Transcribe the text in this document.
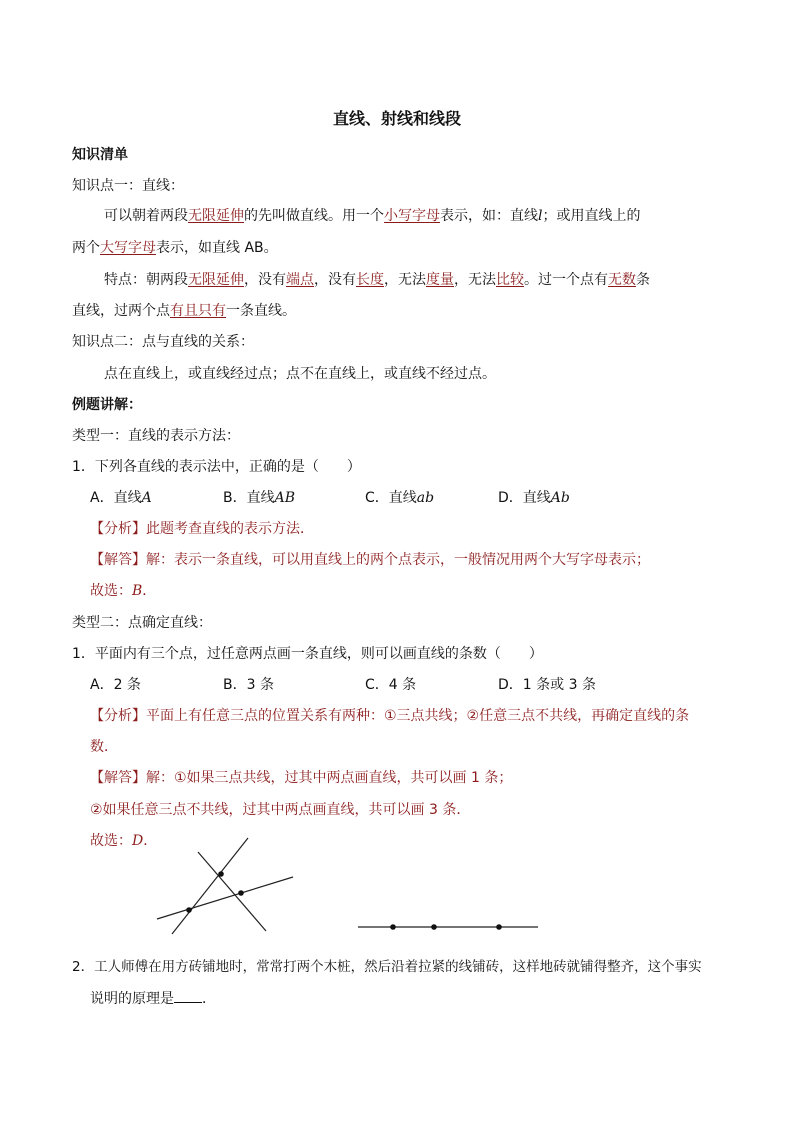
直线、射线和线段
知识清单
知识点一：直线：
可以朝着两段无限延伸的先叫做直线。用一个小写字母表示，如：直线l；或用直线上的
两个大写字母表示，如直线 AB。
特点：朝两段无限延伸，没有端点，没有长度，无法度量，无法比较。过一个点有无数条
直线，过两个点有且只有一条直线。
知识点二：点与直线的关系：
点在直线上，或直线经过点；点不在直线上，或直线不经过点。
例题讲解：
类型一：直线的表示方法：
1．下列各直线的表示法中，正确的是（　　）
A．直线A	B．直线AB	C．直线ab	D．直线Ab
【分析】此题考查直线的表示方法．
【解答】解：表示一条直线，可以用直线上的两个点表示，一般情况用两个大写字母表示；
故选：B．
类型二：点确定直线：
1．平面内有三个点，过任意两点画一条直线，则可以画直线的条数（　　）
A．2 条	B．3 条	C．4 条	D．1 条或 3 条
【分析】平面上有任意三点的位置关系有两种：①三点共线；②任意三点不共线，再确定直线的条
数．
【解答】解：①如果三点共线，过其中两点画直线，共可以画 1 条；
②如果任意三点不共线，过其中两点画直线，共可以画 3 条．
故选：D．
2．工人师傅在用方砖铺地时，常常打两个木桩，然后沿着拉紧的线铺砖，这样地砖就铺得整齐，这个事实
说明的原理是 ．
